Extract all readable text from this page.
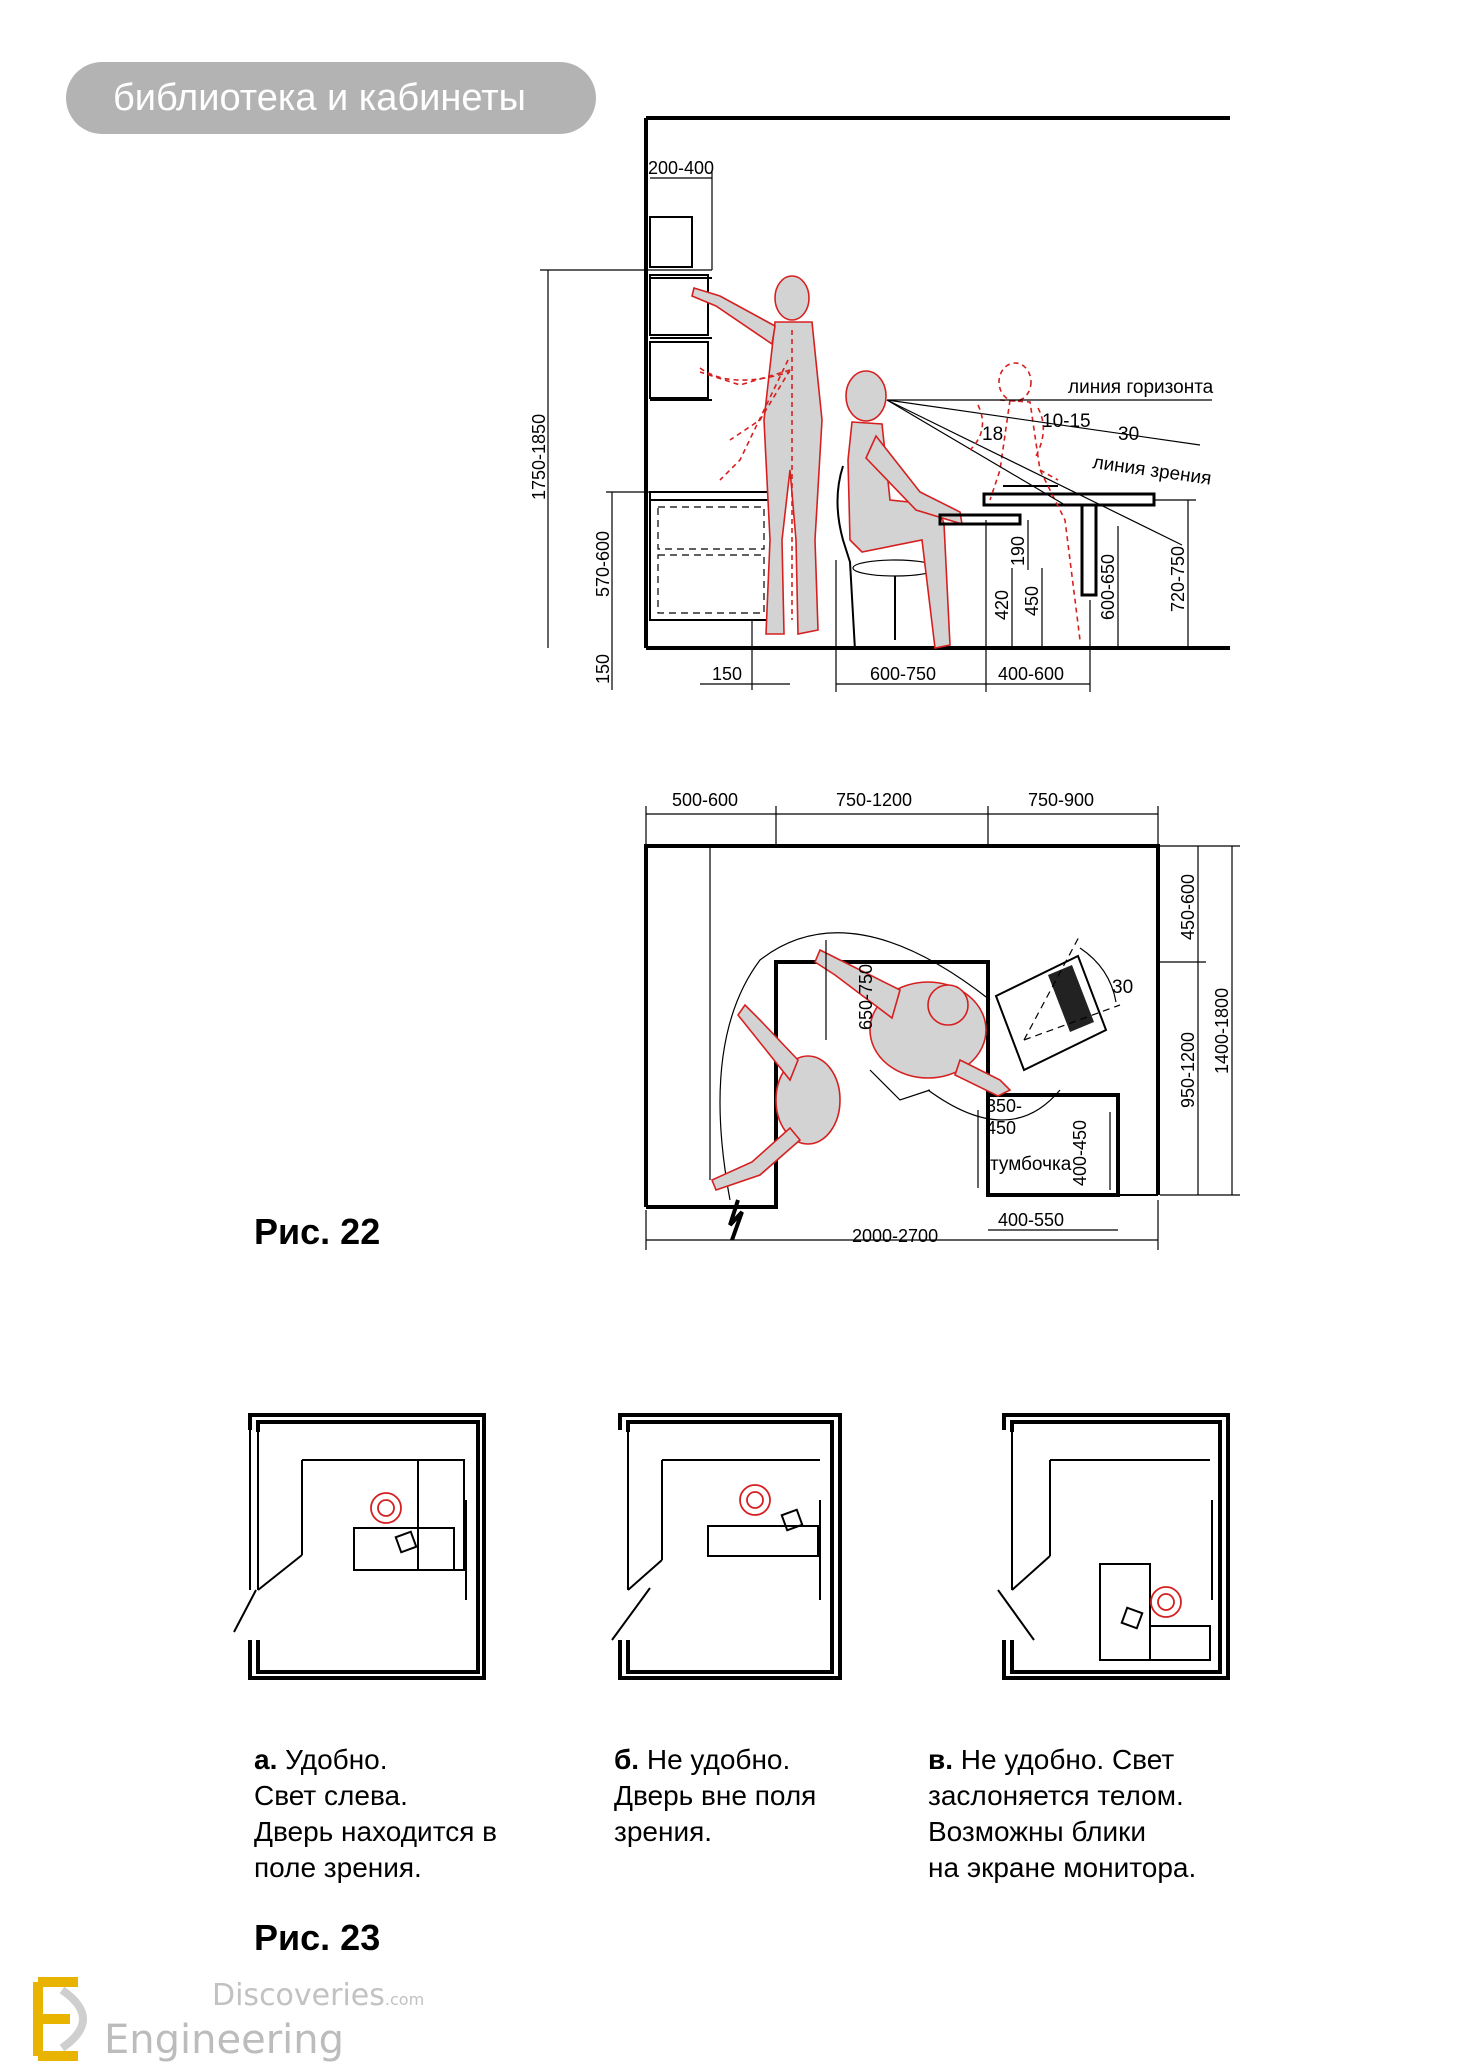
библиотека и кабинеты
линия горизонта
линия зрения
18
10-15
30
200-400
1750-1850
570-600
150	150	600-750	400-600
190
420 450	600-650	720-750
тумбочка
30
500-600	750-1200	750-900
450-600
950-1200 1400-1800
650-750
350-
450	400-450
400-550
2000-2700
Рис. 22
а. Удобно.
Свет слева.
Дверь находится в
поле зрения.
б. Не удобно.
Дверь вне поля
зрения.
в. Не удобно. Свет
заслоняется телом.
Возможны блики
на экране монитора.
Рис. 23
Discoveries.com
Engineering
